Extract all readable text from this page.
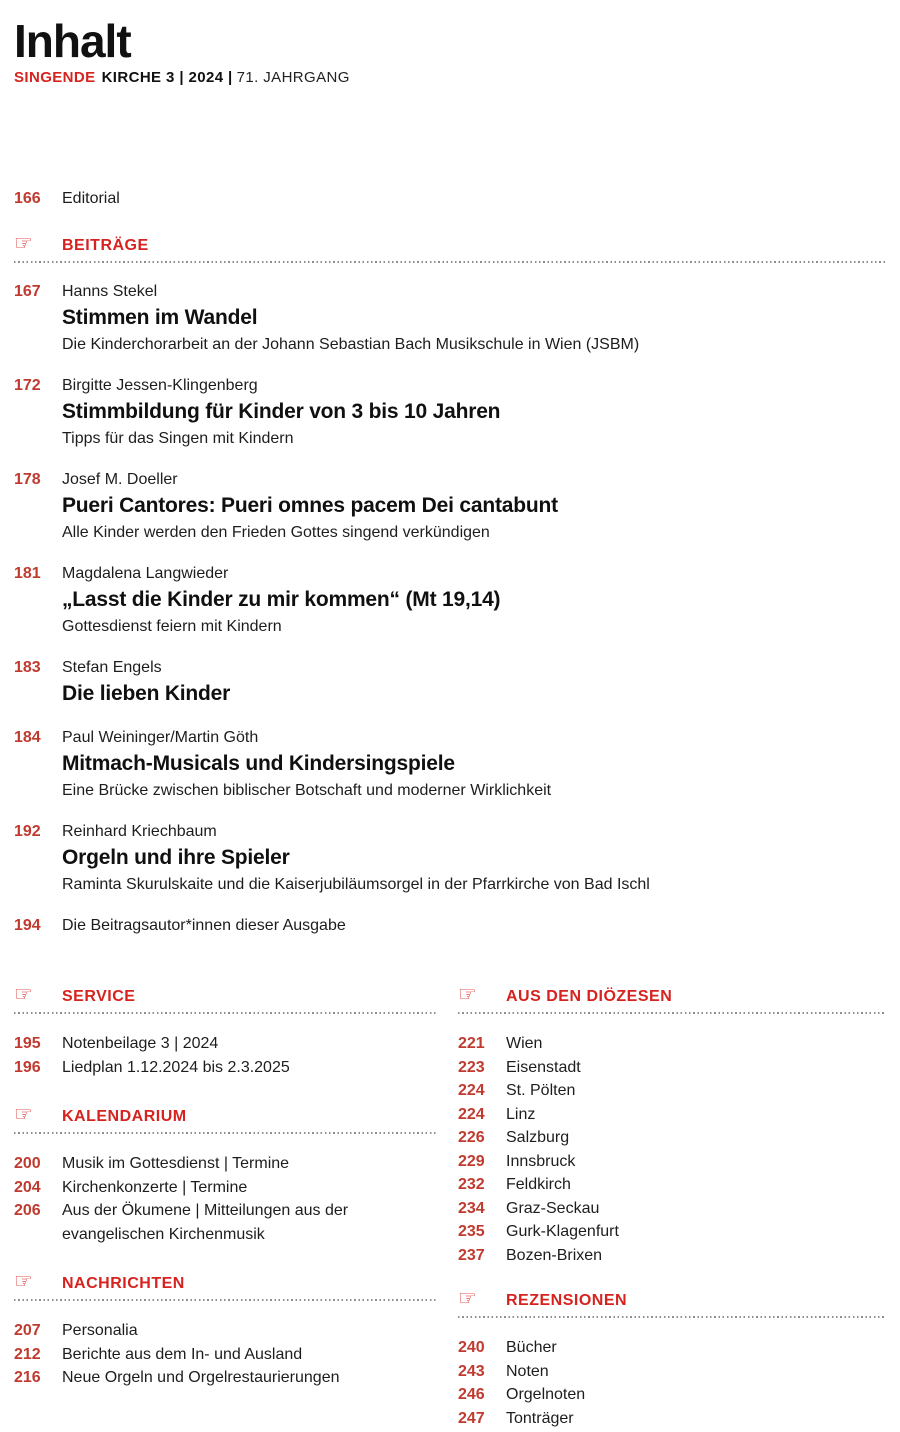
Inhalt
SINGENDE KIRCHE 3 | 2024 | 71. JAHRGANG
166	Editorial
☞	BEITRÄGE
167	Hanns Stekel
Stimmen im Wandel
Die Kinderchorarbeit an der Johann Sebastian Bach Musikschule in Wien (JSBM)
172	Birgitte Jessen-Klingenberg
Stimmbildung für Kinder von 3 bis 10 Jahren
Tipps für das Singen mit Kindern
178	Josef M. Doeller
Pueri Cantores: Pueri omnes pacem Dei cantabunt
Alle Kinder werden den Frieden Gottes singend verkündigen
181	Magdalena Langwieder
„Lasst die Kinder zu mir kommen“ (Mt 19,14)
Gottesdienst feiern mit Kindern
183	Stefan Engels
Die lieben Kinder
184	Paul Weininger/Martin Göth
Mitmach-Musicals und Kindersingspiele
Eine Brücke zwischen biblischer Botschaft und moderner Wirklichkeit
192	Reinhard Kriechbaum
Orgeln und ihre Spieler
Raminta Skurulskaite und die Kaiserjubiläumsorgel in der Pfarrkirche von Bad Ischl
194	Die Beitragsautor*innen dieser Ausgabe
☞	SERVICE
195	Notenbeilage 3 | 2024
196	Liedplan 1.12.2024 bis 2.3.2025
☞	KALENDARIUM
200	Musik im Gottesdienst | Termine
204	Kirchenkonzerte | Termine
206	Aus der Ökumene | Mitteilungen aus der evangelischen Kirchenmusik
☞	NACHRICHTEN
207	Personalia
212	Berichte aus dem In- und Ausland
216	Neue Orgeln und Orgelrestaurierungen
☞	AUS DEN DIÖZESEN
221	Wien
223	Eisenstadt
224	St. Pölten
224	Linz
226	Salzburg
229	Innsbruck
232	Feldkirch
234	Graz-Seckau
235	Gurk-Klagenfurt
237	Bozen-Brixen
☞	REZENSIONEN
240	Bücher
243	Noten
246	Orgelnoten
247	Tonträger
